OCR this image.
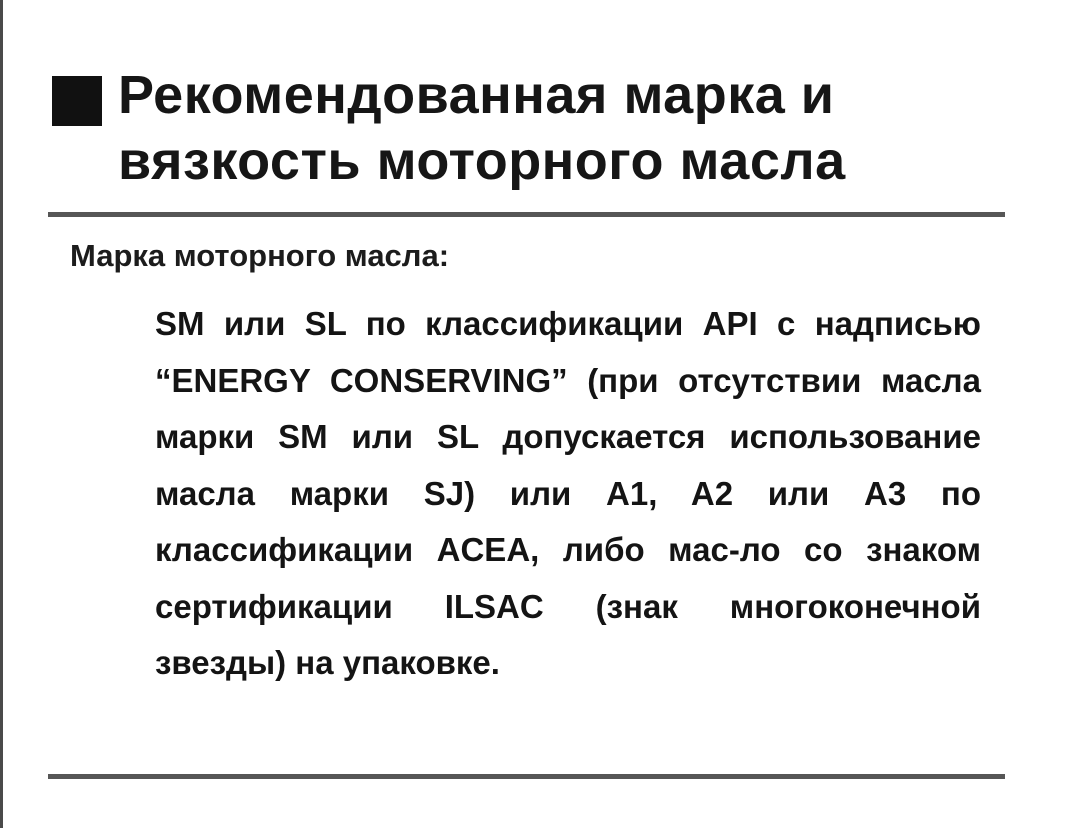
Рекомендованная марка и
вязкость моторного масла
Марка моторного масла:
SM или SL по классификации API с надписью “ENERGY CONSERVING” (при отсутствии масла марки SM или SL допускается использование масла марки SJ) или A1, A2 или A3 по классификации ACEA, либо мас-ло со знаком сертификации ILSAC (знак многоконечной звезды) на упаковке.
